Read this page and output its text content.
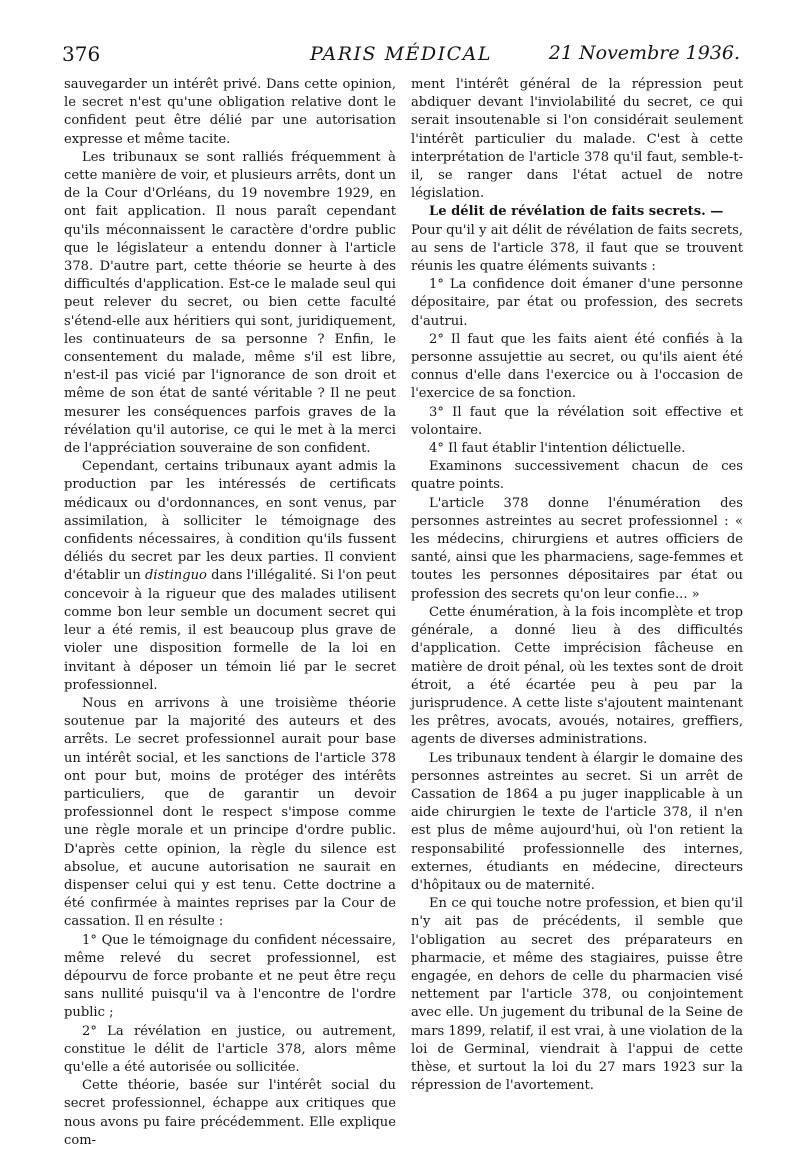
376	PARIS MÉDICAL	21 Novembre 1936.

sauvegarder un intérêt privé. Dans cette opinion, le secret n'est qu'une obligation relative dont le confident peut être délié par une autorisation expresse et même tacite.

Les tribunaux se sont ralliés fréquemment à cette manière de voir, et plusieurs arrêts, dont un de la Cour d'Orléans, du 19 novembre 1929, en ont fait application. Il nous paraît cependant qu'ils méconnaissent le caractère d'ordre public que le législateur a entendu donner à l'article 378. D'autre part, cette théorie se heurte à des difficultés d'application. Est-ce le malade seul qui peut relever du secret, ou bien cette faculté s'étend-elle aux héritiers qui sont, juridiquement, les continuateurs de sa personne ? Enfin, le consentement du malade, même s'il est libre, n'est-il pas vicié par l'ignorance de son droit et même de son état de santé véritable ? Il ne peut mesurer les conséquences parfois graves de la révélation qu'il autorise, ce qui le met à la merci de l'appréciation souveraine de son confident.

Cependant, certains tribunaux ayant admis la production par les intéressés de certificats médicaux ou d'ordonnances, en sont venus, par assimilation, à solliciter le témoignage des confidents nécessaires, à condition qu'ils fussent déliés du secret par les deux parties. Il convient d'établir un distinguo dans l'illégalité. Si l'on peut concevoir à la rigueur que des malades utilisent comme bon leur semble un document secret qui leur a été remis, il est beaucoup plus grave de violer une disposition formelle de la loi en invitant à déposer un témoin lié par le secret professionnel.

Nous en arrivons à une troisième théorie soutenue par la majorité des auteurs et des arrêts. Le secret professionnel aurait pour base un intérêt social, et les sanctions de l'article 378 ont pour but, moins de protéger des intérêts particuliers, que de garantir un devoir professionnel dont le respect s'impose comme une règle morale et un principe d'ordre public. D'après cette opinion, la règle du silence est absolue, et aucune autorisation ne saurait en dispenser celui qui y est tenu. Cette doctrine a été confirmée à maintes reprises par la Cour de cassation. Il en résulte :

1° Que le témoignage du confident nécessaire, même relevé du secret professionnel, est dépourvu de force probante et ne peut être reçu sans nullité puisqu'il va à l'encontre de l'ordre public ;

2° La révélation en justice, ou autrement, constitue le délit de l'article 378, alors même qu'elle a été autorisée ou sollicitée.

Cette théorie, basée sur l'intérêt social du secret professionnel, échappe aux critiques que nous avons pu faire précédemment. Elle explique com-

ment l'intérêt général de la répression peut abdiquer devant l'inviolabilité du secret, ce qui serait insoutenable si l'on considérait seulement l'intérêt particulier du malade. C'est à cette interprétation de l'article 378 qu'il faut, semble-t-il, se ranger dans l'état actuel de notre législation.

Le délit de révélation de faits secrets. —

Pour qu'il y ait délit de révélation de faits secrets, au sens de l'article 378, il faut que se trouvent réunis les quatre éléments suivants :

1° La confidence doit émaner d'une personne dépositaire, par état ou profession, des secrets d'autrui.

2° Il faut que les faits aient été confiés à la personne assujettie au secret, ou qu'ils aient été connus d'elle dans l'exercice ou à l'occasion de l'exercice de sa fonction.

3° Il faut que la révélation soit effective et volontaire.

4° Il faut établir l'intention délictuelle.

Examinons successivement chacun de ces quatre points.

L'article 378 donne l'énumération des personnes astreintes au secret professionnel : « les médecins, chirurgiens et autres officiers de santé, ainsi que les pharmaciens, sage-femmes et toutes les personnes dépositaires par état ou profession des secrets qu'on leur confie... »

Cette énumération, à la fois incomplète et trop générale, a donné lieu à des difficultés d'application. Cette imprécision fâcheuse en matière de droit pénal, où les textes sont de droit étroit, a été écartée peu à peu par la jurisprudence. A cette liste s'ajoutent maintenant les prêtres, avocats, avoués, notaires, greffiers, agents de diverses administrations.

Les tribunaux tendent à élargir le domaine des personnes astreintes au secret. Si un arrêt de Cassation de 1864 a pu juger inapplicable à un aide chirurgien le texte de l'article 378, il n'en est plus de même aujourd'hui, où l'on retient la responsabilité professionnelle des internes, externes, étudiants en médecine, directeurs d'hôpitaux ou de maternité.

En ce qui touche notre profession, et bien qu'il n'y ait pas de précédents, il semble que l'obligation au secret des préparateurs en pharmacie, et même des stagiaires, puisse être engagée, en dehors de celle du pharmacien visé nettement par l'article 378, ou conjointement avec elle. Un jugement du tribunal de la Seine de mars 1899, relatif, il est vrai, à une violation de la loi de Germinal, viendrait à l'appui de cette thèse, et surtout la loi du 27 mars 1923 sur la répression de l'avortement.
